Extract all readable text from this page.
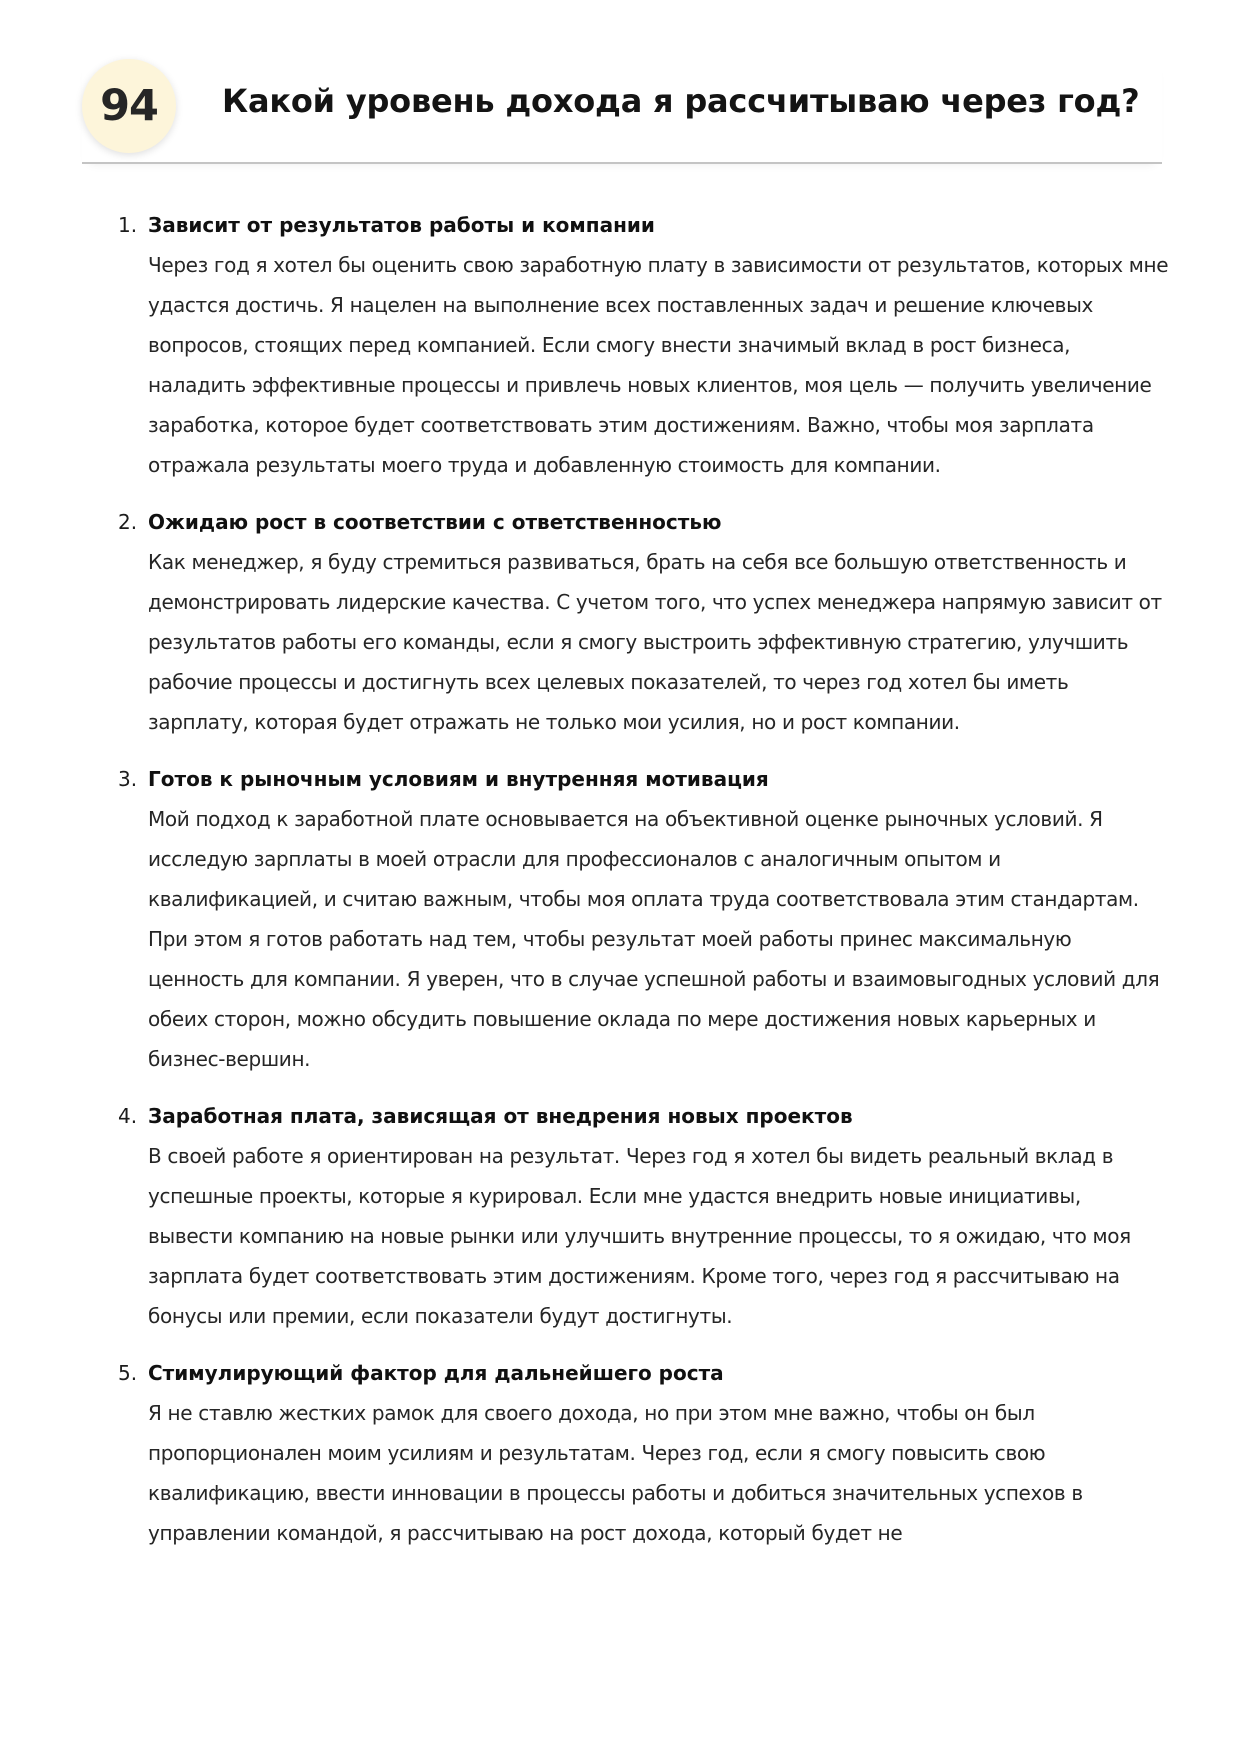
94	Какой уровень дохода я рассчитываю через год?
1. Зависит от результатов работы и компании

Через год я хотел бы оценить свою заработную плату в зависимости от результатов, которых мне удастся достичь. Я нацелен на выполнение всех поставленных задач и решение ключевых вопросов, стоящих перед компанией. Если смогу внести значимый вклад в рост бизнеса, наладить эффективные процессы и привлечь новых клиентов, моя цель — получить увеличение заработка, которое будет соответствовать этим достижениям. Важно, чтобы моя зарплата отражала результаты моего труда и добавленную стоимость для компании.

2. Ожидаю рост в соответствии с ответственностью

Как менеджер, я буду стремиться развиваться, брать на себя все большую ответственность и демонстрировать лидерские качества. С учетом того, что успех менеджера напрямую зависит от результатов работы его команды, если я смогу выстроить эффективную стратегию, улучшить рабочие процессы и достигнуть всех целевых показателей, то через год хотел бы иметь зарплату, которая будет отражать не только мои усилия, но и рост компании.

3. Готов к рыночным условиям и внутренняя мотивация

Мой подход к заработной плате основывается на объективной оценке рыночных условий. Я исследую зарплаты в моей отрасли для профессионалов с аналогичным опытом и квалификацией, и считаю важным, чтобы моя оплата труда соответствовала этим стандартам. При этом я готов работать над тем, чтобы результат моей работы принес максимальную ценность для компании. Я уверен, что в случае успешной работы и взаимовыгодных условий для обеих сторон, можно обсудить повышение оклада по мере достижения новых карьерных и бизнес-вершин.

4. Заработная плата, зависящая от внедрения новых проектов

В своей работе я ориентирован на результат. Через год я хотел бы видеть реальный вклад в успешные проекты, которые я курировал. Если мне удастся внедрить новые инициативы, вывести компанию на новые рынки или улучшить внутренние процессы, то я ожидаю, что моя зарплата будет соответствовать этим достижениям. Кроме того, через год я рассчитываю на бонусы или премии, если показатели будут достигнуты.

5. Стимулирующий фактор для дальнейшего роста

Я не ставлю жестких рамок для своего дохода, но при этом мне важно, чтобы он был пропорционален моим усилиям и результатам. Через год, если я смогу повысить свою квалификацию, ввести инновации в процессы работы и добиться значительных успехов в управлении командой, я рассчитываю на рост дохода, который будет не
